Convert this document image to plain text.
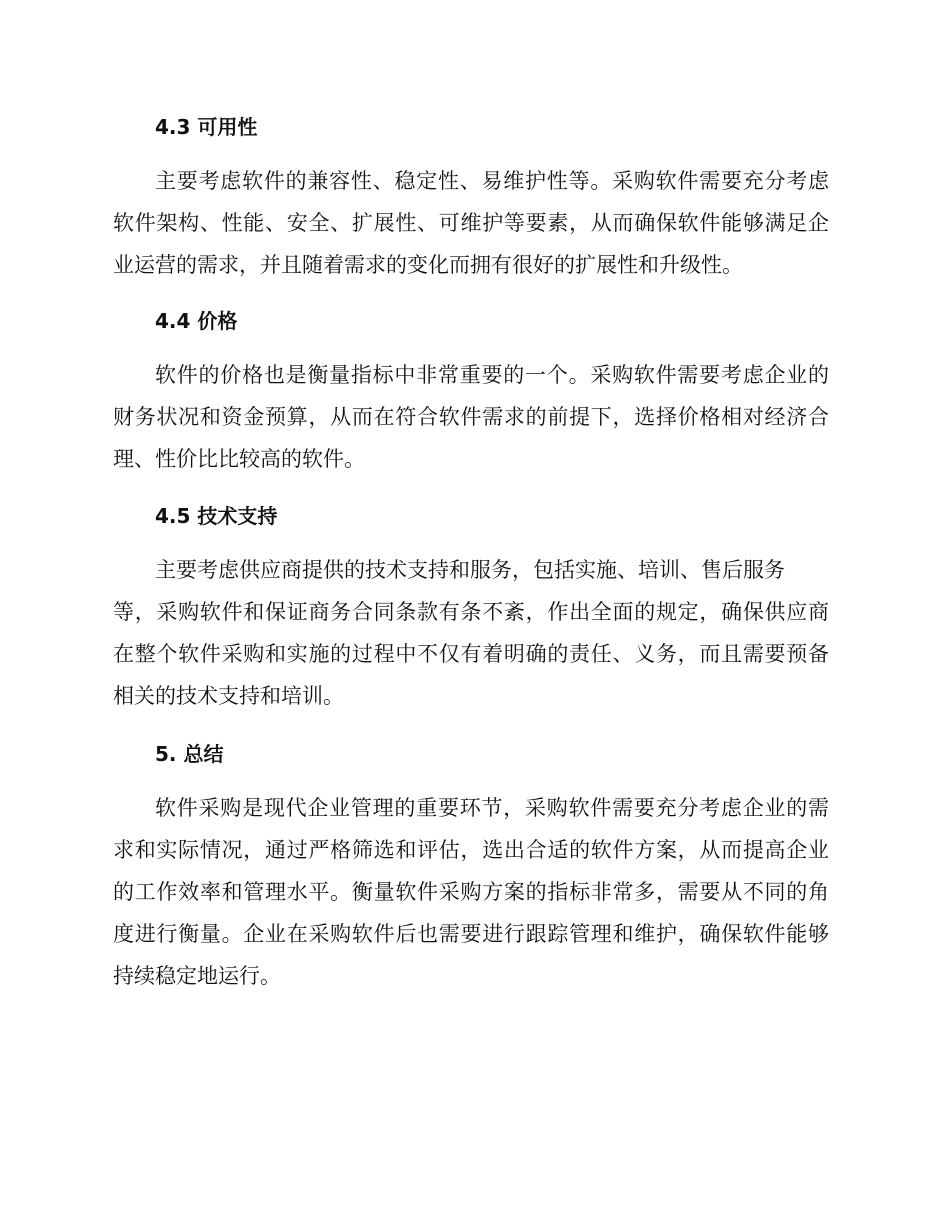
4.3 可用性
主要考虑软件的兼容性、稳定性、易维护性等。采购软件需要充分考虑
软件架构、性能、安全、扩展性、可维护等要素，从而确保软件能够满足企
业运营的需求，并且随着需求的变化而拥有很好的扩展性和升级性。
4.4 价格
软件的价格也是衡量指标中非常重要的一个。采购软件需要考虑企业的
财务状况和资金预算，从而在符合软件需求的前提下，选择价格相对经济合
理、性价比比较高的软件。
4.5 技术支持
主要考虑供应商提供的技术支持和服务，包括实施、培训、售后服务
等，采购软件和保证商务合同条款有条不紊，作出全面的规定，确保供应商
在整个软件采购和实施的过程中不仅有着明确的责任、义务，而且需要预备
相关的技术支持和培训。
5. 总结
软件采购是现代企业管理的重要环节，采购软件需要充分考虑企业的需
求和实际情况，通过严格筛选和评估，选出合适的软件方案，从而提高企业
的工作效率和管理水平。衡量软件采购方案的指标非常多，需要从不同的角
度进行衡量。企业在采购软件后也需要进行跟踪管理和维护，确保软件能够
持续稳定地运行。
